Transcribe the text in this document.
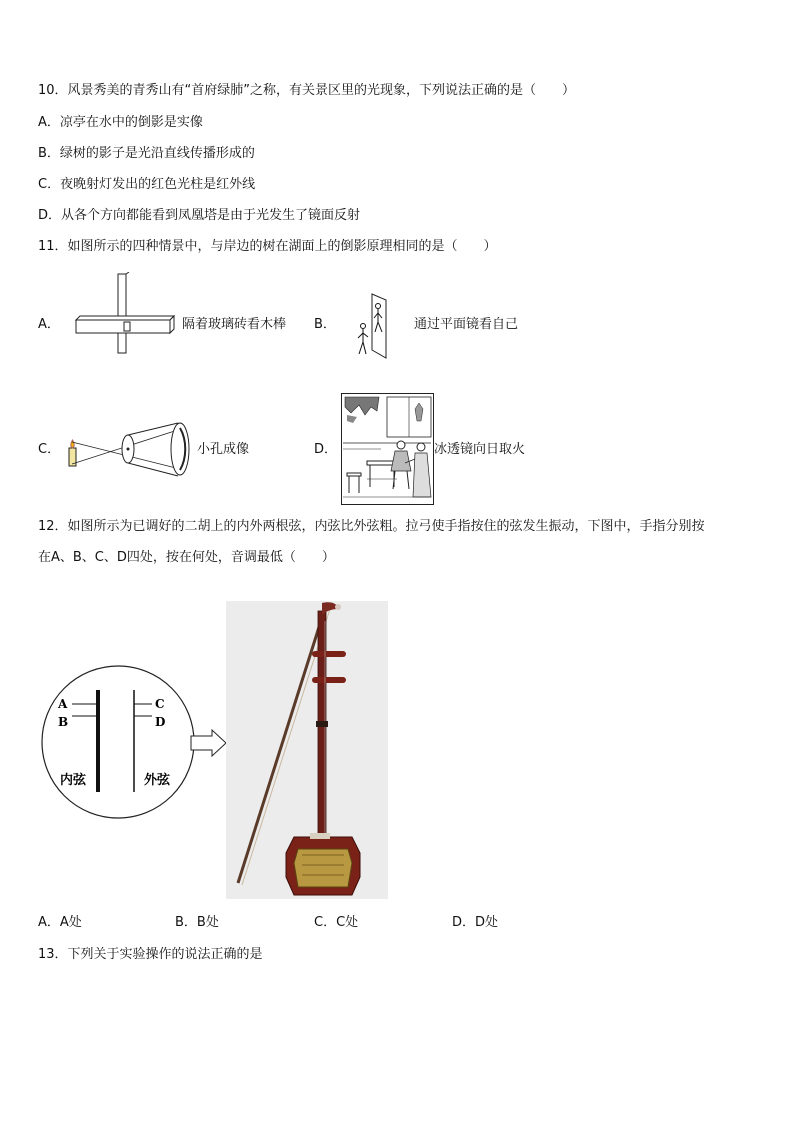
10．风景秀美的青秀山有“首府绿肺”之称，有关景区里的光现象，下列说法正确的是（　　）
A．凉亭在水中的倒影是实像
B．绿树的影子是光沿直线传播形成的
C．夜晚射灯发出的红色光柱是红外线
D．从各个方向都能看到凤凰塔是由于光发生了镜面反射
11．如图所示的四种情景中，与岸边的树在湖面上的倒影原理相同的是（　　）
A．	隔着玻璃砖看木棒 B．	通过平面镜看自己
C．	小孔成像	D．	冰透镜向日取火
12．如图所示为已调好的二胡上的内外两根弦，内弦比外弦粗。拉弓使手指按住的弦发生振动，下图中，手指分别按
在A、B、C、D四处，按在何处，音调最低（　　）
A
B
C
D
内弦	外弦
A．A处	B．B处	C．C处	D．D处
13．下列关于实验操作的说法正确的是
